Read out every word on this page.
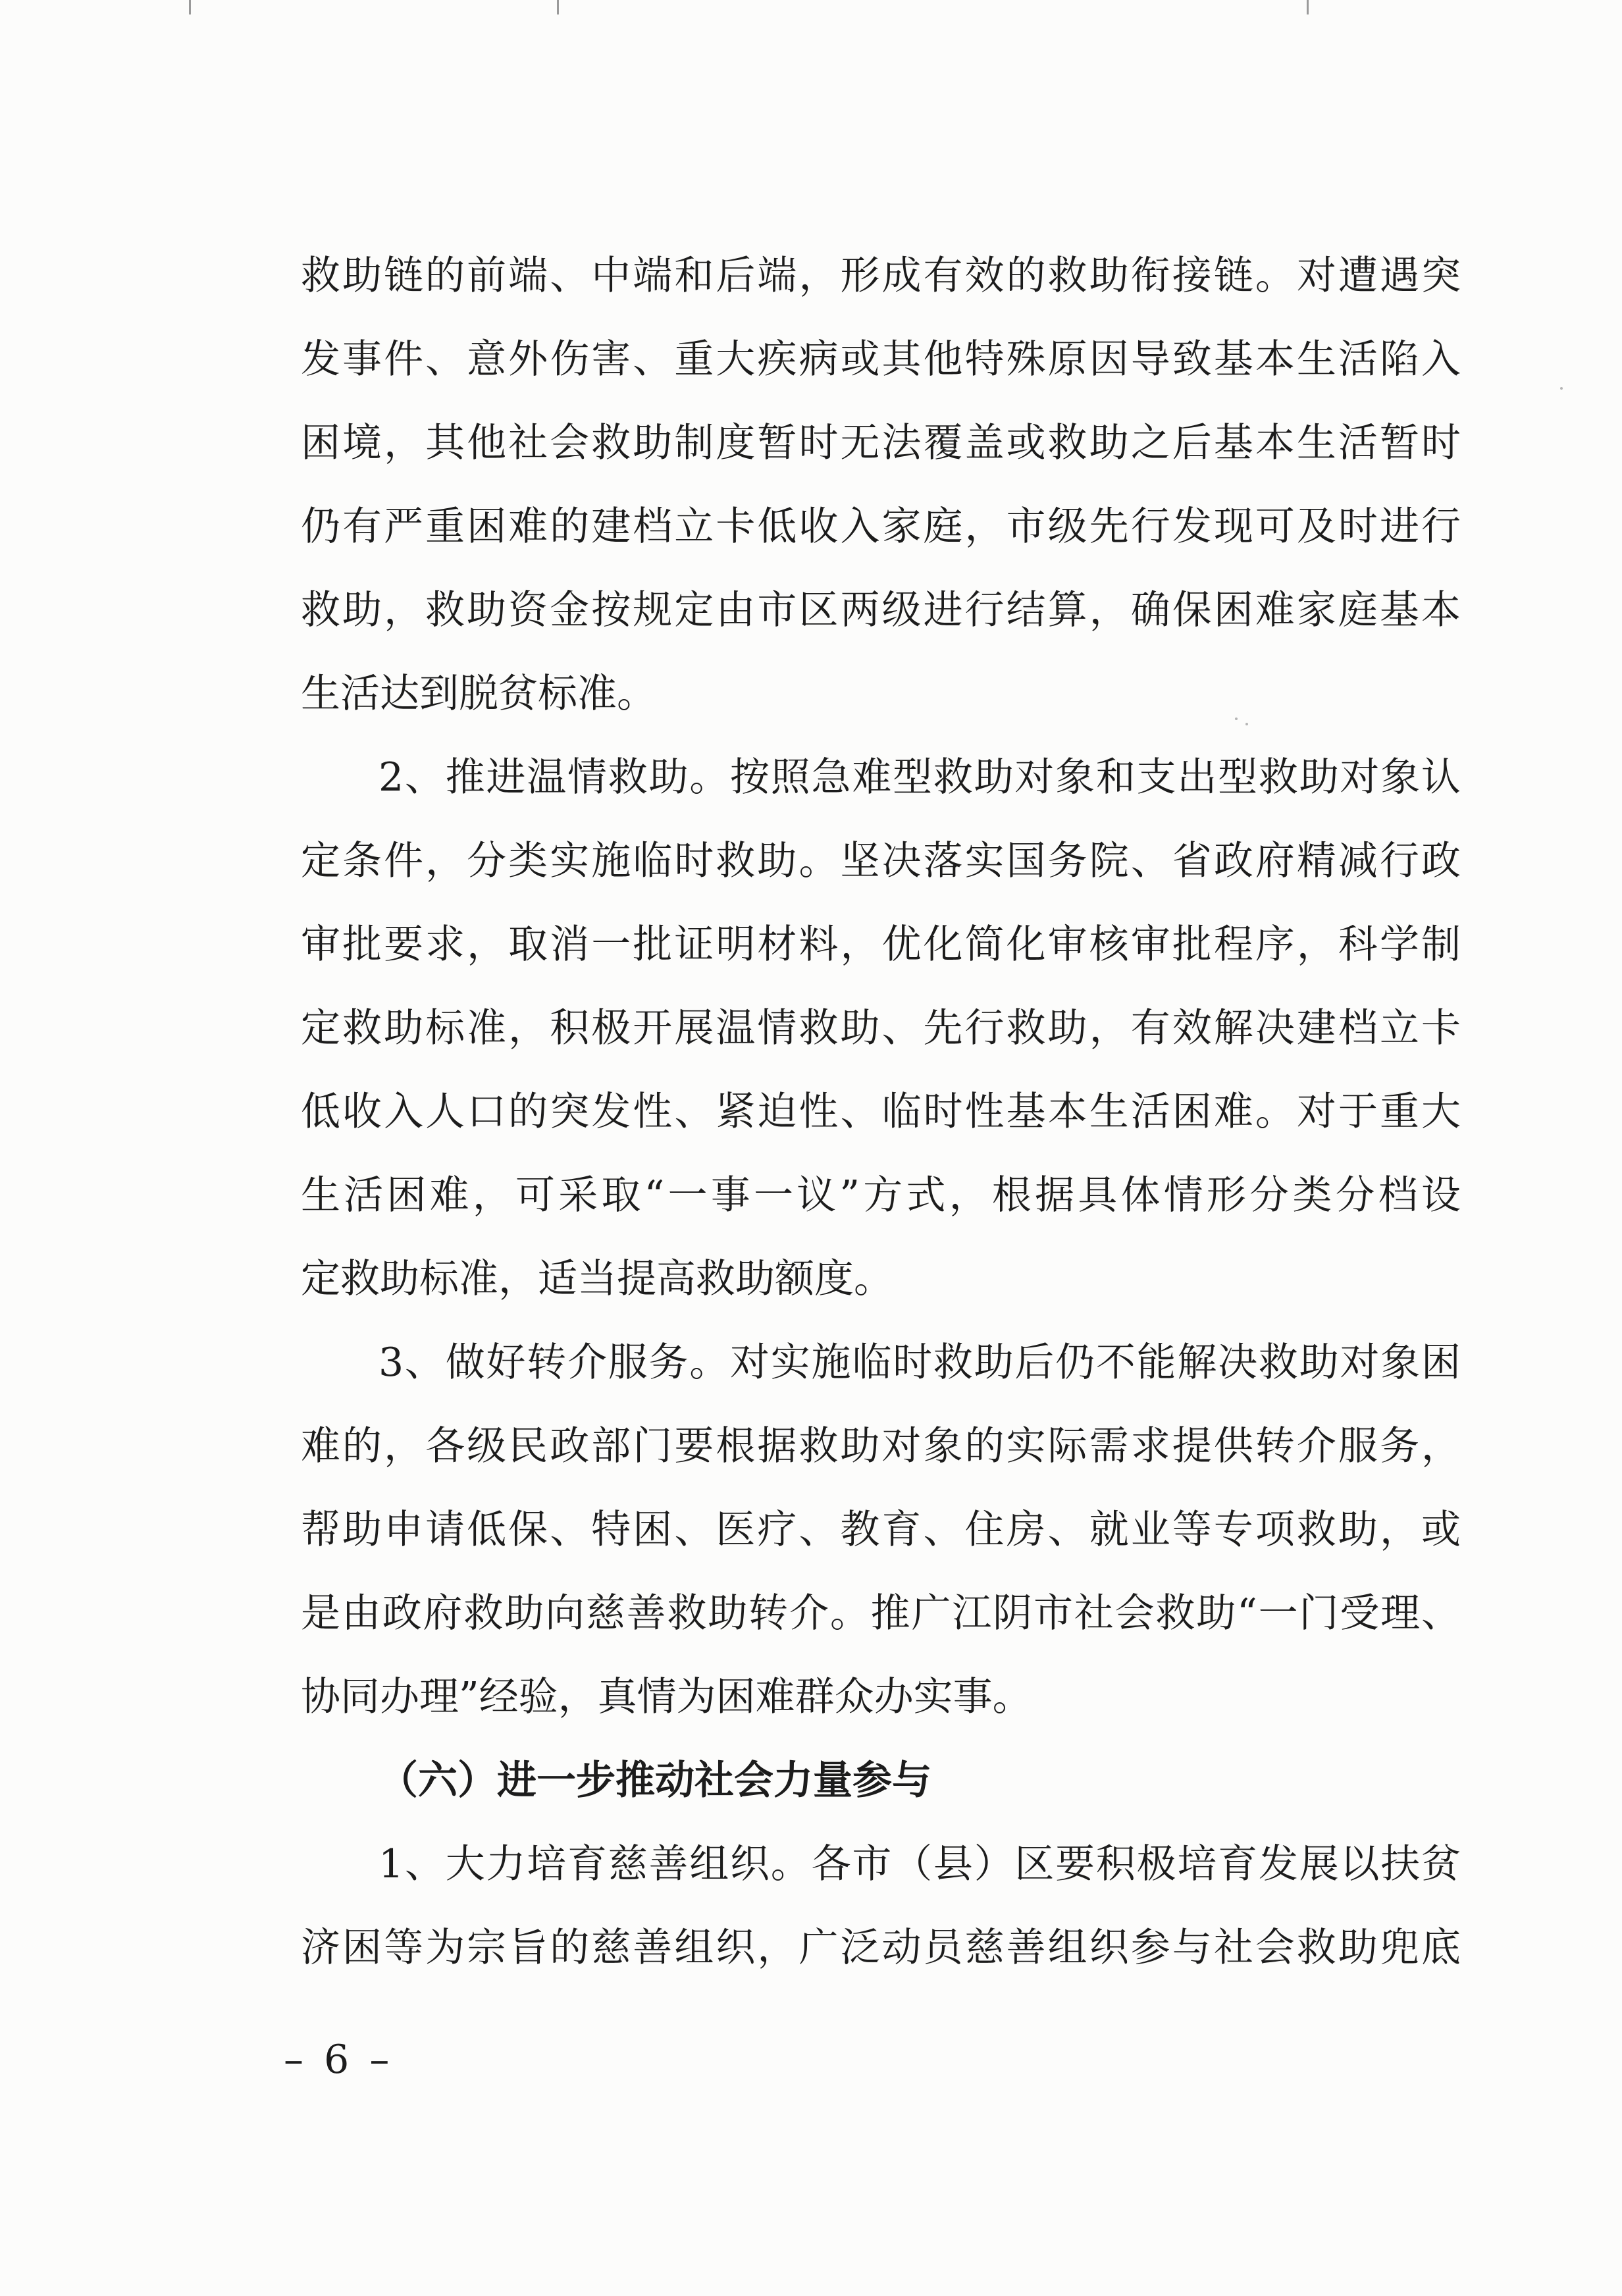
救助链的前端、中端和后端，形成有效的救助衔接链。对遭遇突
发事件、意外伤害、重大疾病或其他特殊原因导致基本生活陷入
困境，其他社会救助制度暂时无法覆盖或救助之后基本生活暂时
仍有严重困难的建档立卡低收入家庭，市级先行发现可及时进行
救助，救助资金按规定由市区两级进行结算，确保困难家庭基本
生活达到脱贫标准。
2、推进温情救助。按照急难型救助对象和支出型救助对象认
定条件，分类实施临时救助。坚决落实国务院、省政府精减行政
审批要求，取消一批证明材料，优化简化审核审批程序，科学制
定救助标准，积极开展温情救助、先行救助，有效解决建档立卡
低收入人口的突发性、紧迫性、临时性基本生活困难。对于重大
生活困难，可采取“一事一议”方式，根据具体情形分类分档设
定救助标准，适当提高救助额度。
3、做好转介服务。对实施临时救助后仍不能解决救助对象困
难的，各级民政部门要根据救助对象的实际需求提供转介服务，
帮助申请低保、特困、医疗、教育、住房、就业等专项救助，或
是由政府救助向慈善救助转介。推广江阴市社会救助“一门受理、
协同办理”经验，真情为困难群众办实事。
（六）进一步推动社会力量参与
1、大力培育慈善组织。各市（县）区要积极培育发展以扶贫
济困等为宗旨的慈善组织，广泛动员慈善组织参与社会救助兜底
– 6 –
